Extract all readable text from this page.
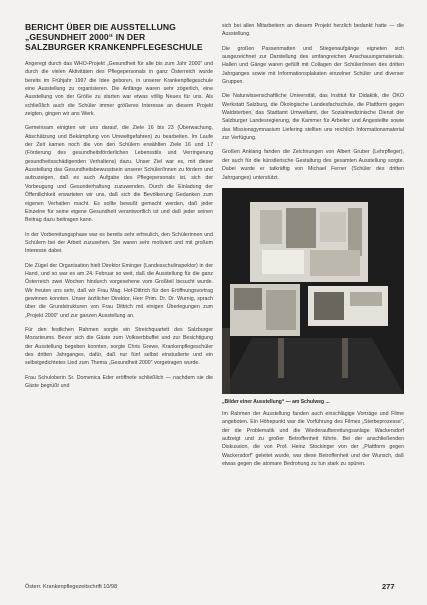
BERICHT ÜBER DIE AUSSTELLUNG
„GESUNDHEIT 2000“ IN DER
SALZBURGER KRANKENPFLEGESCHULE

Angeregt durch das WHO-Projekt „Gesundheit für alle bis zum Jahr 2000“ und durch die vielen Aktivitäten des Pflegepersonals in ganz Österreich wurde bereits im Frühjahr 1997 die Idee geboren, in unserer Krankenpflegeschule eine Ausstellung zu organisieren. Die Anfänge waren sehr zögerlich, eine Ausstellung von der Größe zu starten war etwas völlig Neues für uns. Als schließlich auch die Schüler immer größeres Interesse an diesem Projekt zeigten, gingen wir ans Werk.

Gemeinsam einigten wir uns darauf, die Ziele 16 bis 23 (Überwachung, Abschätzung und Bekämpfung von Umweltgefahren) zu bearbeiten. Im Laufe der Zeit kamen noch die von den Schülern erwählten Ziele 16 und 17 (Förderung des gesundheitsförderlichen Lebensstils und Verringerung gesundheitsschädigenden Verhaltens) dazu. Unser Ziel war es, mit dieser Ausstellung das Gesundheitsbewusstsein unserer Schüler/Innen zu fördern und aufzuzeigen, daß es auch Aufgabe des Pflegepersonals ist, sich der Vorbeugung und Gesunderhaltung zuzuwenden. Durch die Einladung der Öffentlichkeit erwarteten wir uns, daß sich die Bevölkerung Gedanken zum eigenen Verhalten macht. Es sollte bewußt gemacht werden, daß jeder Einzelne für seine eigene Gesundheit verantwortlich ist und daß jeder seinen Beitrag dazu beitragen kann.

In der Vorbereitungsphase war es bereits sehr erfreulich, den Schülerinnen und Schülern bei der Arbeit zuzusehen. Sie waren sehr motiviert und mit großem Interesse dabei.

Die Zügel der Organisation hielt Direktor Eminger (Landesschulinspektor) in der Hand, und so war es am 24. Februar so weit, daß die Ausstellung für die ganz Österreich zwei Wochen hindurch vorgesehene vom Großteil besucht wurde. Wir freuten uns sehr, daß wir Frau Mag. Hof-Dittrich für den Eröffnungsvortrag gewinnen konnten. Unser ärztlicher Direktor, Herr Prim. Dr. Dr. Wurnig, sprach über die Grundstrukturen von Frau Dittrich mit einigen Überlegungen zum „Projekt 2000“ und zur ganzen Ausstellung an.

Für den festlichen Rahmen sorgte ein Streichquartett des Salzburger Mozarteums. Bevor sich die Gäste zum Volkserbbuffet und zur Besichtigung der Ausstellung begeben konnten, sorgte Chris Grewe, Krankenpflegeschüler des dritten Jahrganges, dafür, daß nur fünf selbst einstudierte und ein selbstgedichtetes Lied zum Thema „Gesundheit 2000“ vorgetragen wurde.

Frau Schuloberin Sr. Domenica Eder eröffnete schließlich — nachdem sie die Gäste begrüßt und

sich bei allen Mitarbeitern an diesem Projekt herzlich bedankt hatte — die Ausstellung.

Die großen Passenmatten und Stiegenaufgänge eigneten sich ausgezeichnet zur Darstellung des umfangreichen Anschauungsmaterials. Hallen und Gänge waren gefüllt mit Collagen der Schüler/innen des dritten Jahrganges sowie mit Informationsplakaten einzelner Schüler und diverser Gruppen.

Die Naturwissenschaftliche Universität, das Institut für Didaktik, die ÖKO Werkstatt Salzburg, die Ökologische Landesfachschule, die Plattform gegen Waldsterben, das Stadtamt Umweltamt, der Sozialmedizinische Dienst der Salzburger Landesregierung, die Kammer für Arbeiter und Angestellte sowie das Missionsgymnasium Liefering stellten uns reichlich Informationsmaterial zur Verfügung.

Großen Anklang fanden die Zeichnungen von Albert Gruber (Lehrpfleger), der auch für die künstlerische Gestaltung des gesamten Ausstellung sorgte. Dabei wurde er tatkräftig von Michael Ferner (Schüler des dritten Jahrganges) unterstützt.

„Bilder einer Ausstellung“ — am Schulweg ...

Im Rahmen der Ausstellung fanden auch einschlägige Vorträge und Filme angeboten. Ein Höhepunkt war die Vorführung des Filmes „Sterbeprozesse“, der die Problematik und die Wiederaufbereitungsanlage Wackersdorf aufzeigt und zu großer Betroffenheit führte. Bei der anschließenden Diskussion, die von Prof. Heinz Stockinger von der „Plattform gegen Wackersdorf“ geleitet wurde, war diese Betroffenheit und der Wunsch, daß etwas gegen die atomare Bedrohung zu tun stark zu spüren.

Österr. Krankenpflegezeitschrift 10/98	277
